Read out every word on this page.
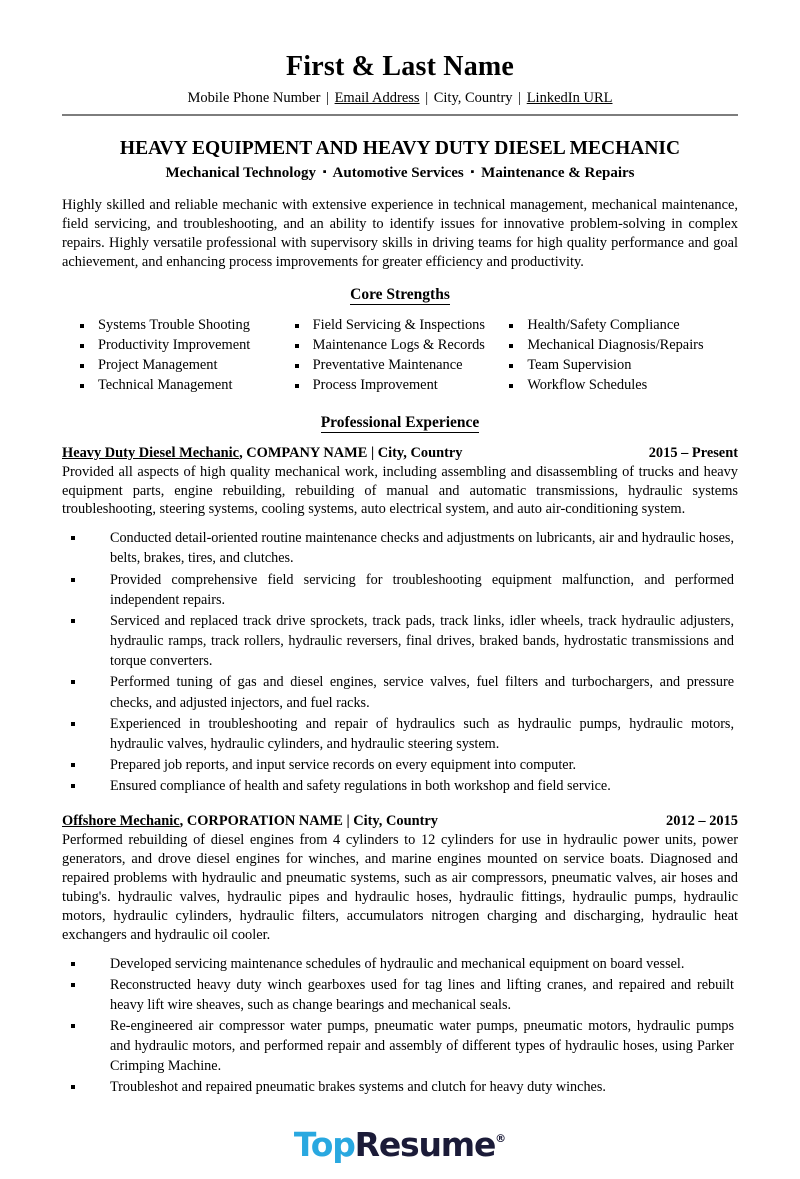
First & Last Name
Mobile Phone Number | Email Address | City, Country | LinkedIn URL
HEAVY EQUIPMENT AND HEAVY DUTY DIESEL MECHANIC
Mechanical Technology ▪ Automotive Services ▪ Maintenance & Repairs

Highly skilled and reliable mechanic with extensive experience in technical management, mechanical maintenance, field servicing, and troubleshooting, and an ability to identify issues for innovative problem-solving in complex repairs. Highly versatile professional with supervisory skills in driving teams for high quality performance and goal achievement, and enhancing process improvements for greater efficiency and productivity.

Core Strengths
Systems Trouble Shooting
Productivity Improvement
Project Management
Technical Management
Field Servicing & Inspections
Maintenance Logs & Records
Preventative Maintenance
Process Improvement
Health/Safety Compliance
Mechanical Diagnosis/Repairs
Team Supervision
Workflow Schedules
Professional Experience
Heavy Duty Diesel Mechanic, COMPANY NAME | City, Country	2015 – Present

Provided all aspects of high quality mechanical work, including assembling and disassembling of trucks and heavy equipment parts, engine rebuilding, rebuilding of manual and automatic transmissions, hydraulic systems troubleshooting, steering systems, cooling systems, auto electrical system, and auto air-conditioning system.

Conducted detail-oriented routine maintenance checks and adjustments on lubricants, air and hydraulic hoses, belts, brakes, tires, and clutches.
Provided comprehensive field servicing for troubleshooting equipment malfunction, and performed independent repairs.
Serviced and replaced track drive sprockets, track pads, track links, idler wheels, track hydraulic adjusters, hydraulic ramps, track rollers, hydraulic reversers, final drives, braked bands, hydrostatic transmissions and torque converters.
Performed tuning of gas and diesel engines, service valves, fuel filters and turbochargers, and pressure checks, and adjusted injectors, and fuel racks.
Experienced in troubleshooting and repair of hydraulics such as hydraulic pumps, hydraulic motors, hydraulic valves, hydraulic cylinders, and hydraulic steering system.
Prepared job reports, and input service records on every equipment into computer.
Ensured compliance of health and safety regulations in both workshop and field service.
Offshore Mechanic, CORPORATION NAME | City, Country	2012 – 2015

Performed rebuilding of diesel engines from 4 cylinders to 12 cylinders for use in hydraulic power units, power generators, and drove diesel engines for winches, and marine engines mounted on service boats. Diagnosed and repaired problems with hydraulic and pneumatic systems, such as air compressors, pneumatic valves, air hoses and tubing's. hydraulic valves, hydraulic pipes and hydraulic hoses, hydraulic fittings, hydraulic pumps, hydraulic motors, hydraulic cylinders, hydraulic filters, accumulators nitrogen charging and discharging, hydraulic heat exchangers and hydraulic oil cooler.

Developed servicing maintenance schedules of hydraulic and mechanical equipment on board vessel.
Reconstructed heavy duty winch gearboxes used for tag lines and lifting cranes, and repaired and rebuilt heavy lift wire sheaves, such as change bearings and mechanical seals.
Re-engineered air compressor water pumps, pneumatic water pumps, pneumatic motors, hydraulic pumps and hydraulic motors, and performed repair and assembly of different types of hydraulic hoses, using Parker Crimping Machine.
Troubleshot and repaired pneumatic brakes systems and clutch for heavy duty winches.
TopResume®
